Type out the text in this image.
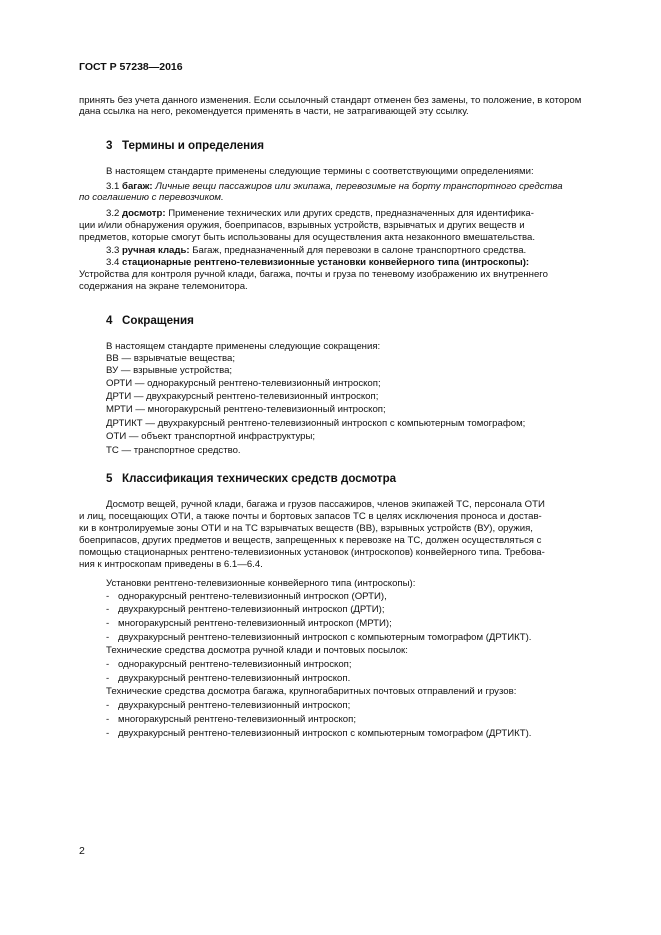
ГОСТ Р 57238—2016
принять без учета данного изменения. Если ссылочный стандарт отменен без замены, то положение, в котором
дана ссылка на него, рекомендуется применять в части, не затрагивающей эту ссылку.
3 Термины и определения
В настоящем стандарте применены следующие термины с соответствующими определениями:
3.1 багаж: Личные вещи пассажиров или экипажа, перевозимые на борту транспортного средства
по соглашению с перевозчиком.
3.2 досмотр: Применение технических или других средств, предназначенных для идентифика-
ции и/или обнаружения оружия, боеприпасов, взрывных устройств, взрывчатых и других веществ и
предметов, которые смогут быть использованы для осуществления акта незаконного вмешательства.
3.3 ручная кладь: Багаж, предназначенный для перевозки в салоне транспортного средства.
3.4 стационарные рентгено-телевизионные установки конвейерного типа (интроскопы):
Устройства для контроля ручной клади, багажа, почты и груза по теневому изображению их внутреннего
содержания на экране телемонитора.
4 Сокращения
В настоящем стандарте применены следующие сокращения:
ВВ — взрывчатые вещества;
ВУ — взрывные устройства;
ОРТИ — однoракурсный рентгено-телевизионный интроскоп;
ДРТИ — двухракурсный рентгено-телевизионный интроскоп;
МРТИ — многоракурсный рентгено-телевизионный интроскоп;
ДРТИКТ — двухракурсный рентгено-телевизионный интроскоп с компьютерным томографом;
ОТИ — объект транспортной инфраструктуры;
ТС — транспортное средство.
5 Классификация технических средств досмотра
Досмотр вещей, ручной клади, багажа и грузов пассажиров, членов экипажей ТС, персонала ОТИ
и лиц, посещающих ОТИ, а также почты и бортовых запасов ТС в целях исключения проноса и достав-
ки в контролируемые зоны ОТИ и на ТС взрывчатых веществ (ВВ), взрывных устройств (ВУ), оружия,
боеприпасов, других предметов и веществ, запрещенных к перевозке на ТС, должен осуществляться с
помощью стационарных рентгено-телевизионных установок (интроскопов) конвейерного типа. Требова-
ния к интроскопам приведены в 6.1—6.4.
Установки рентгено-телевизионные конвейерного типа (интроскопы):
- однoракурсный рентгено-телевизионный интроскоп (ОРТИ),
- двухракурсный рентгено-телевизионный интроскоп (ДРТИ);
- многоракурсный рентгено-телевизионный интроскоп (МРТИ);
- двухракурсный рентгено-телевизионный интроскоп с компьютерным томографом (ДРТИКТ).
Технические средства досмотра ручной клади и почтовых посылок:
- однoракурсный рентгено-телевизионный интроскоп;
- двухракурсный рентгено-телевизионный интроскоп.
Технические средства досмотра багажа, крупногабаритных почтовых отправлений и грузов:
- двухракурсный рентгено-телевизионный интроскоп;
- многоракурсный рентгено-телевизионный интроскоп;
- двухракурсный рентгено-телевизионный интроскоп с компьютерным томографом (ДРТИКТ).
2
